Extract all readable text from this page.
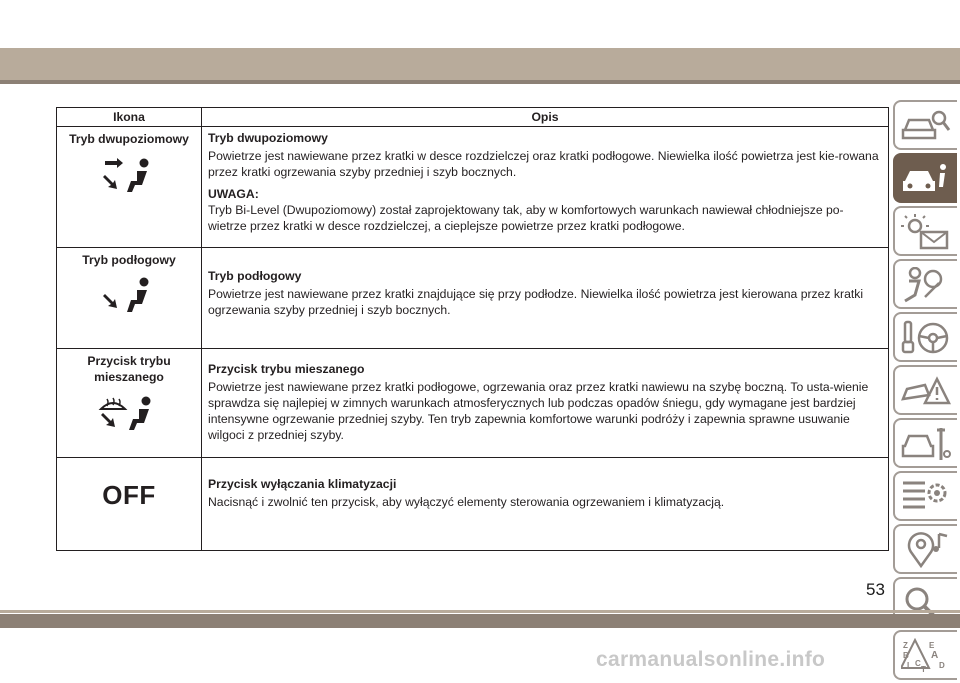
Ikona	Opis

Tryb dwupoziomowy	Tryb dwupoziomowy
Powietrze jest nawiewane przez kratki w desce rozdzielczej oraz kratki podłogowe. Niewielka ilość powietrza jest kie-rowana przez kratki ogrzewania szyby przedniej i szyb bocznych.
UWAGA:
Tryb Bi-Level (Dwupoziomowy) został zaprojektowany tak, aby w komfortowych warunkach nawiewał chłodniejsze po-wietrze przez kratki w desce rozdzielczej, a cieplejsze powietrze przez kratki podłogowe.

Tryb podłogowy	Tryb podłogowy
Powietrze jest nawiewane przez kratki znajdujące się przy podłodze. Niewielka ilość powietrza jest kierowana przez kratki ogrzewania szyby przedniej i szyb bocznych.

Przycisk trybu mieszanego	Przycisk trybu mieszanego
Powietrze jest nawiewane przez kratki podłogowe, ogrzewania oraz przez kratki nawiewu na szybę boczną. To usta-wienie sprawdza się najlepiej w zimnych warunkach atmosferycznych lub podczas opadów śniegu, gdy wymagane jest bardziej intensywne ogrzewanie przedniej szyby. Ten tryb zapewnia komfortowe warunki podróży i zapewnia sprawne usuwanie wilgoci z przedniej szyby.

OFF	Przycisk wyłączania klimatyzacji
Nacisnąć i zwolnić ten przycisk, aby wyłączyć elementy sterowania ogrzewaniem i klimatyzacją.
Z	E
B A
I C
T D
53
carmanualsonline.info
